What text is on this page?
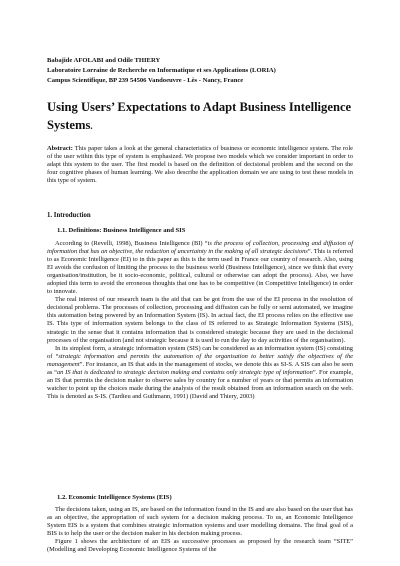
Babajide AFOLABI and Odile THIERY
Laboratoire Lorraine de Recherche en Informatique et ses Applications (LORIA)
Campus Scientifique, BP 239 54506 Vandoeuvre - Lès - Nancy, France
Using Users’ Expectations to Adapt Business Intelligence Systems.
Abstract: This paper takes a look at the general characteristics of business or economic intelligence system. The role of the user within this type of system is emphasized. We propose two models which we consider important in order to adapt this system to the user. The first model is based on the definition of decisional problem and the second on the four cognitive phases of human learning. We also describe the application domain we are using to test these models in this type of system.
1. Introduction
1.1. Definitions: Business Intelligence and SIS

According to (Revelli, 1998), Business Intelligence (BI) “is the process of collection, processing and diffusion of information that has an objective, the reduction of uncertainty in the making of all strategic decisions”. This is referred to as Economic Intelligence (EI) to in this paper as this is the term used in France our country of research. Also, using EI avoids the confusion of limiting the process to the business world (Business Intelligence), since we think that every organisation/institution, be it socio-economic, political, cultural or otherwise can adopt the process). Also, we have adopted this term to avoid the erroneous thoughts that one has to be competitive (in Competitive Intelligence) in order to innovate.

The real interest of our research team is the aid that can be got from the use of the EI process in the resolution of decisional problems. The processes of collection, processing and diffusion can be fully or semi automated, we imagine this automation being powered by an Information System (IS). In actual fact, the EI process relies on the effective use IS. This type of information system belongs to the class of IS referred to as Strategic Information Systems (SIS), strategic in the sense that it contains information that is considered strategic because they are used in the decisional processes of the organisation (and not strategic because it is used to run the day to day activities of the organisation).

In its simplest form, a strategic information system (SIS) can be considered as an information system (IS) consisting of “strategic information and permits the automation of the organisation to better satisfy the objectives of the management”. For instance, an IS that aids in the management of stocks, we denote this as SI-S. A SIS can also be seen as “an IS that is dedicated to strategic decision making and contains only strategic type of information”. For example, an IS that permits the decision maker to observe sales by country for a number of years or that permits an information watcher to point up the choices made during the analysis of the result obtained from an information search on the web. This is denoted as S-IS. (Tardieu and Guthmann, 1991) (David and Thiery, 2003)

1.2. Economic Intelligence Systems (EIS)

The decisions taken, using an IS, are based on the information found in the IS and are also based on the user that has as an objective, the appropriation of such system for a decision making process. To us, an Economic Intelligence System EIS is a system that combines strategic information systems and user modelling domains. The final goal of a BIS is to help the user or the decision maker in his decision making process.

Figure 1 shows the architecture of an EIS as successive processes as proposed by the research team “SITE” (Modelling and Developing Economic Intelligence Systems of the
